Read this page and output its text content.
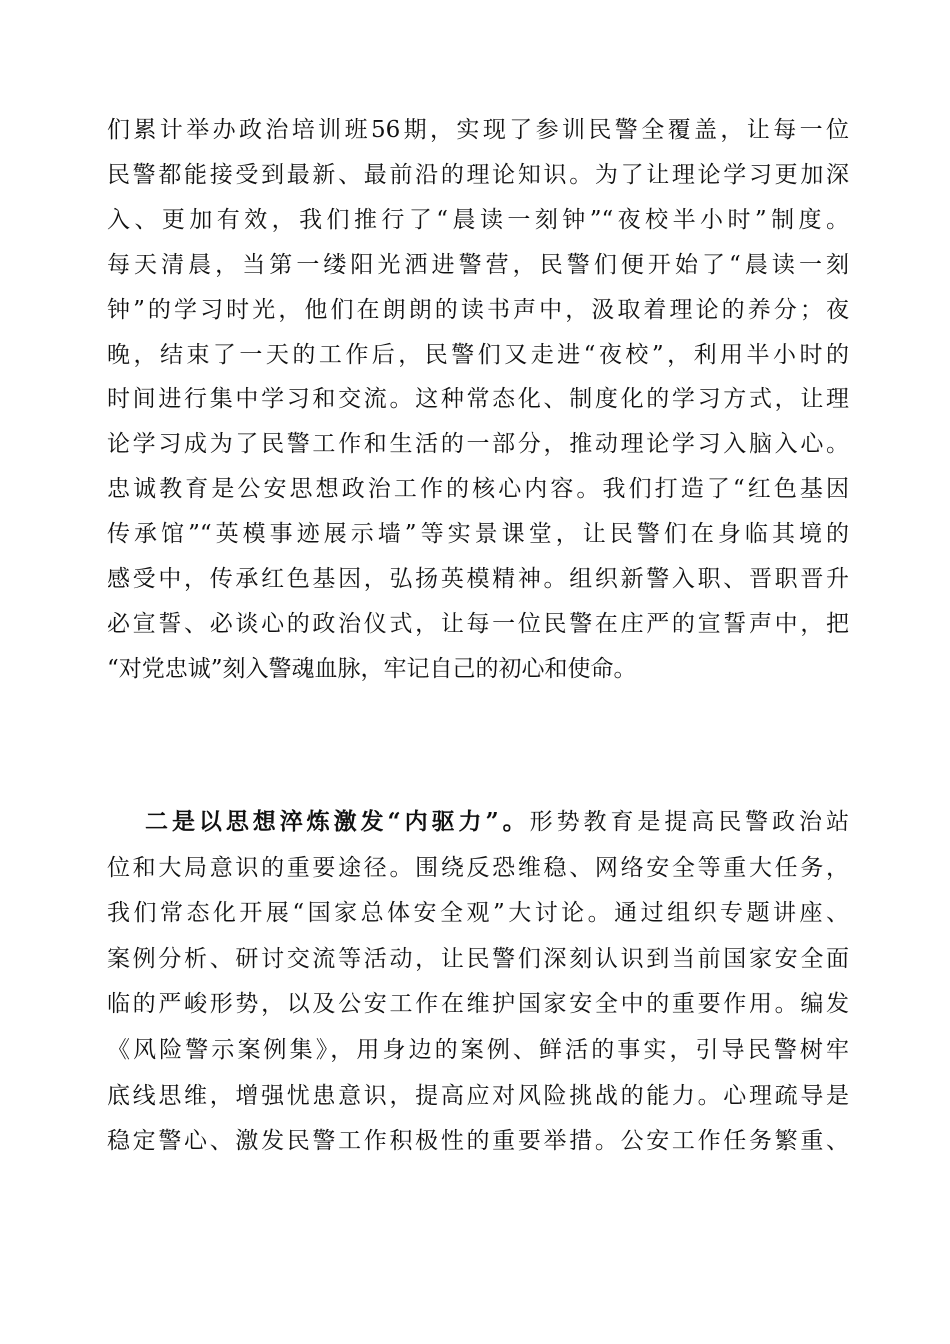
们累计举办政治培训班56期，实现了参训民警全覆盖，让每一位
民警都能接受到最新、最前沿的理论知识。为了让理论学习更加深
入、更加有效，我们推行了“晨读一刻钟”“夜校半小时”制度。
每天清晨，当第一缕阳光洒进警营，民警们便开始了“晨读一刻
钟”的学习时光，他们在朗朗的读书声中，汲取着理论的养分；夜
晚，结束了一天的工作后，民警们又走进“夜校”，利用半小时的
时间进行集中学习和交流。这种常态化、制度化的学习方式，让理
论学习成为了民警工作和生活的一部分，推动理论学习入脑入心。
忠诚教育是公安思想政治工作的核心内容。我们打造了“红色基因
传承馆”“英模事迹展示墙”等实景课堂，让民警们在身临其境的
感受中，传承红色基因，弘扬英模精神。组织新警入职、晋职晋升
必宣誓、必谈心的政治仪式，让每一位民警在庄严的宣誓声中，把
“对党忠诚”刻入警魂血脉，牢记自己的初心和使命。
二是以思想淬炼激发“内驱力”。形势教育是提高民警政治站
位和大局意识的重要途径。围绕反恐维稳、网络安全等重大任务，
我们常态化开展“国家总体安全观”大讨论。通过组织专题讲座、
案例分析、研讨交流等活动，让民警们深刻认识到当前国家安全面
临的严峻形势，以及公安工作在维护国家安全中的重要作用。编发
《风险警示案例集》，用身边的案例、鲜活的事实，引导民警树牢
底线思维，增强忧患意识，提高应对风险挑战的能力。心理疏导是
稳定警心、激发民警工作积极性的重要举措。公安工作任务繁重、
